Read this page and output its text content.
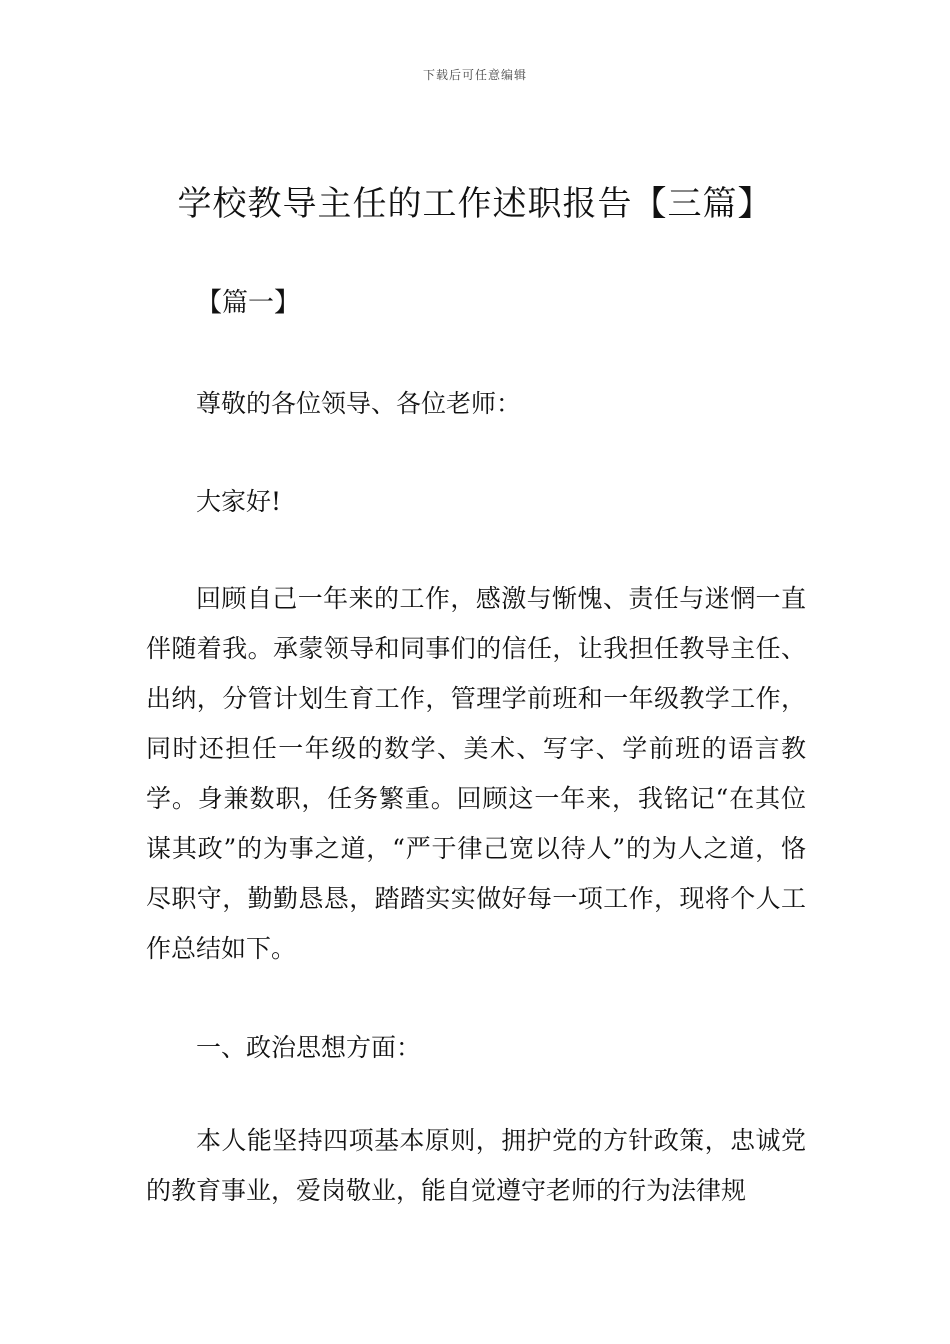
下载后可任意编辑
学校教导主任的工作述职报告【三篇】

【篇一】

尊敬的各位领导、各位老师：

大家好!

回顾自己一年来的工作，感激与惭愧、责任与迷惘一直伴随着我。承蒙领导和同事们的信任，让我担任教导主任、出纳，分管计划生育工作，管理学前班和一年级教学工作，同时还担任一年级的数学、美术、写字、学前班的语言教学。身兼数职，任务繁重。回顾这一年来，我铭记“在其位谋其政”的为事之道，“严于律己宽以待人”的为人之道，恪尽职守，勤勤恳恳，踏踏实实做好每一项工作，现将个人工作总结如下。

一、政治思想方面：

本人能坚持四项基本原则，拥护党的方针政策，忠诚党的教育事业，爱岗敬业，能自觉遵守老师的行为法律规
